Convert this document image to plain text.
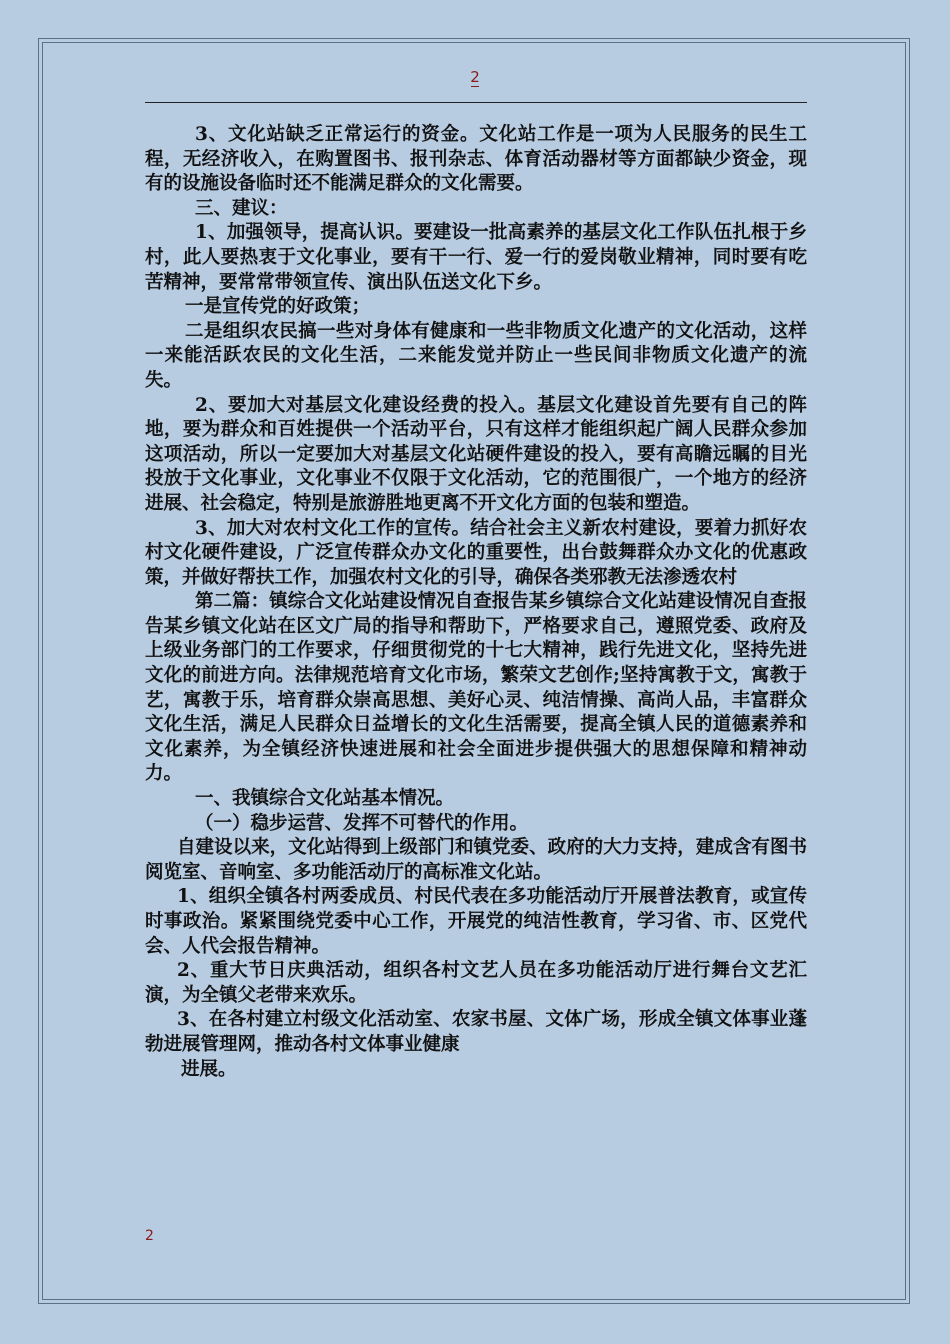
2

3、文化站缺乏正常运行的资金。文化站工作是一项为人民服务的民生工程，无经济收入，在购置图书、报刊杂志、体育活动器材等方面都缺少资金，现有的设施设备临时还不能满足群众的文化需要。

三、建议：

1、加强领导，提高认识。要建设一批高素养的基层文化工作队伍扎根于乡村，此人要热衷于文化事业，要有干一行、爱一行的爱岗敬业精神，同时要有吃苦精神，要常常带领宣传、演出队伍送文化下乡。

一是宣传党的好政策；

二是组织农民搞一些对身体有健康和一些非物质文化遗产的文化活动，这样一来能活跃农民的文化生活，二来能发觉并防止一些民间非物质文化遗产的流失。

2、要加大对基层文化建设经费的投入。基层文化建设首先要有自己的阵地，要为群众和百姓提供一个活动平台，只有这样才能组织起广阔人民群众参加这项活动，所以一定要加大对基层文化站硬件建设的投入，要有高瞻远瞩的目光投放于文化事业，文化事业不仅限于文化活动，它的范围很广，一个地方的经济进展、社会稳定，特别是旅游胜地更离不开文化方面的包装和塑造。

3、加大对农村文化工作的宣传。结合社会主义新农村建设，要着力抓好农村文化硬件建设，广泛宣传群众办文化的重要性，出台鼓舞群众办文化的优惠政策，并做好帮扶工作，加强农村文化的引导，确保各类邪教无法渗透农村

第二篇：镇综合文化站建设情况自查报告某乡镇综合文化站建设情况自查报告某乡镇文化站在区文广局的指导和帮助下，严格要求自己，遵照党委、政府及上级业务部门的工作要求，仔细贯彻党的十七大精神，践行先进文化，坚持先进文化的前进方向。法律规范培育文化市场，繁荣文艺创作;坚持寓教于文，寓教于艺，寓教于乐，培育群众崇高思想、美好心灵、纯洁情操、高尚人品，丰富群众文化生活，满足人民群众日益增长的文化生活需要，提高全镇人民的道德素养和文化素养，为全镇经济快速进展和社会全面进步提供强大的思想保障和精神动力。

一、我镇综合文化站基本情况。

（一）稳步运营、发挥不可替代的作用。

自建设以来，文化站得到上级部门和镇党委、政府的大力支持，建成含有图书阅览室、音响室、多功能活动厅的高标准文化站。

1、组织全镇各村两委成员、村民代表在多功能活动厅开展普法教育，或宣传时事政治。紧紧围绕党委中心工作，开展党的纯洁性教育，学习省、市、区党代会、人代会报告精神。

2、重大节日庆典活动，组织各村文艺人员在多功能活动厅进行舞台文艺汇演，为全镇父老带来欢乐。

3、在各村建立村级文化活动室、农家书屋、文体广场，形成全镇文体事业蓬勃进展管理网，推动各村文体事业健康

进展。

2
